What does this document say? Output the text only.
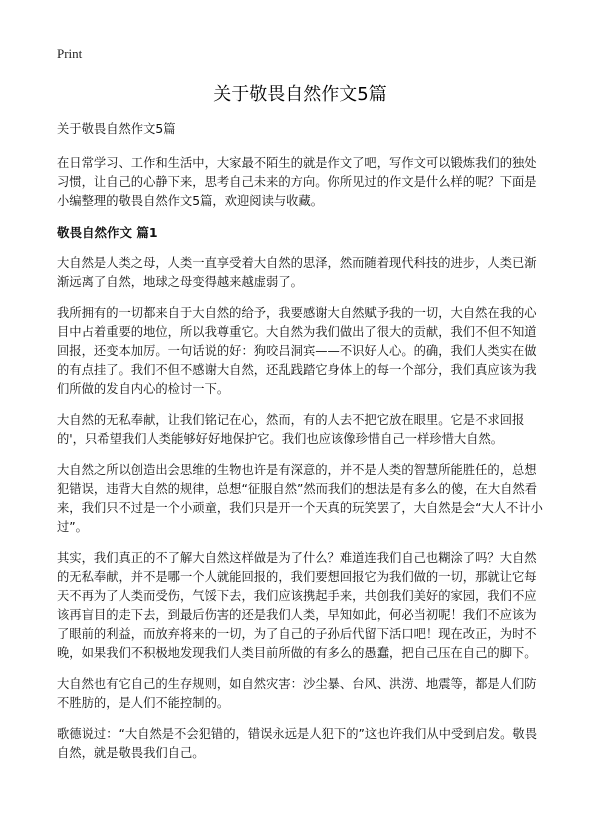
Print
关于敬畏自然作文5篇

关于敬畏自然作文5篇

在日常学习、工作和生活中，大家最不陌生的就是作文了吧，写作文可以锻炼我们的独处习惯，让自己的心静下来，思考自己未来的方向。你所见过的作文是什么样的呢？下面是小编整理的敬畏自然作文5篇，欢迎阅读与收藏。

敬畏自然作文 篇1

大自然是人类之母，人类一直享受着大自然的思泽，然而随着现代科技的进步，人类已渐渐远离了自然，地球之母变得越来越虚弱了。

我所拥有的一切都来自于大自然的给予，我要感谢大自然赋予我的一切，大自然在我的心目中占着重要的地位，所以我尊重它。大自然为我们做出了很大的贡献，我们不但不知道回报，还变本加厉。一句话说的好：狗咬吕洞宾——不识好人心。的确，我们人类实在做的有点挂了。我们不但不感谢大自然，还乱践踏它身体上的每一个部分，我们真应该为我们所做的发自内心的检讨一下。

大自然的无私奉献，让我们铭记在心，然而，有的人去不把它放在眼里。它是不求回报的'，只希望我们人类能够好好地保护它。我们也应该像珍惜自己一样珍惜大自然。

大自然之所以创造出会思维的生物也许是有深意的，并不是人类的智慧所能胜任的，总想犯错误，违背大自然的规律，总想“征服自然”然而我们的想法是有多么的傻，在大自然看来，我们只不过是一个小顽童，我们只是开一个天真的玩笑罢了，大自然是会“大人不计小过”。

其实，我们真正的不了解大自然这样做是为了什么？难道连我们自己也糊涂了吗？大自然的无私奉献，并不是哪一个人就能回报的，我们要想回报它为我们做的一切，那就让它每天不再为了人类而受伤，气馁下去，我们应该携起手来，共创我们美好的家园，我们不应该再盲目的走下去，到最后伤害的还是我们人类，早知如此，何必当初呢！我们不应该为了眼前的利益，而放弃将来的一切，为了自己的子孙后代留下活口吧！现在改正，为时不晚，如果我们不积极地发现我们人类目前所做的有多么的愚蠢，把自己压在自己的脚下。

大自然也有它自己的生存规则，如自然灾害：沙尘暴、台风、洪涝、地震等，都是人们防不胜肪的，是人们不能控制的。

歌德说过：“大自然是不会犯错的，错误永远是人犯下的”这也许我们从中受到启发。敬畏自然，就是敬畏我们自己。
